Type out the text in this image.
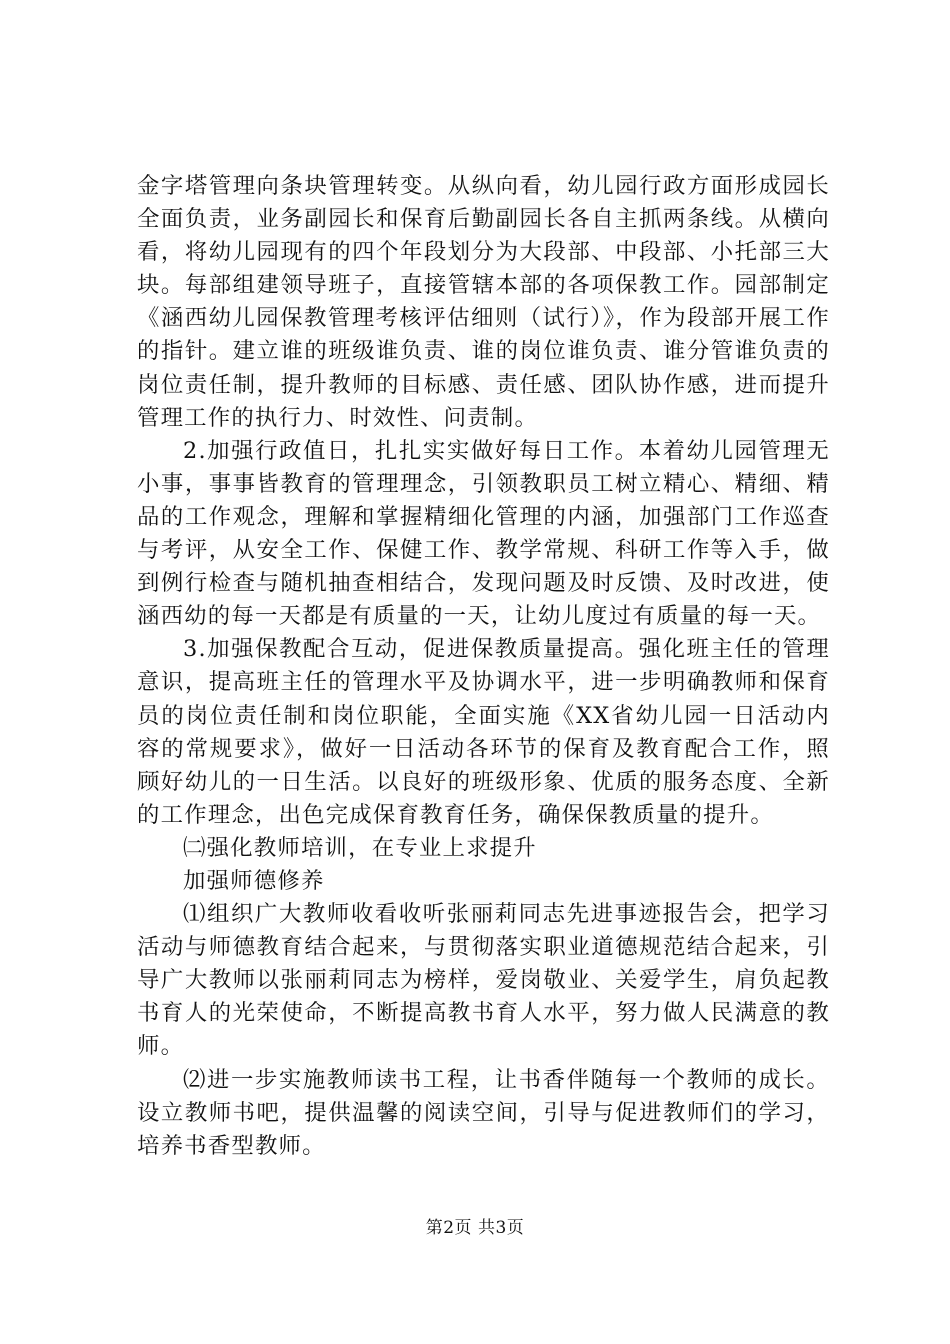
金字塔管理向条块管理转变。从纵向看，幼儿园行政方面形成园长全面负责，业务副园长和保育后勤副园长各自主抓两条线。从横向看，将幼儿园现有的四个年段划分为大段部、中段部、小托部三大块。每部组建领导班子，直接管辖本部的各项保教工作。园部制定《涵西幼儿园保教管理考核评估细则（试行）》，作为段部开展工作的指针。建立谁的班级谁负责、谁的岗位谁负责、谁分管谁负责的岗位责任制，提升教师的目标感、责任感、团队协作感，进而提升管理工作的执行力、时效性、问责制。

2.加强行政值日，扎扎实实做好每日工作。本着幼儿园管理无小事，事事皆教育的管理理念，引领教职员工树立精心、精细、精品的工作观念，理解和掌握精细化管理的内涵，加强部门工作巡查与考评，从安全工作、保健工作、教学常规、科研工作等入手，做到例行检查与随机抽查相结合，发现问题及时反馈、及时改进，使涵西幼的每一天都是有质量的一天，让幼儿度过有质量的每一天。

3.加强保教配合互动，促进保教质量提高。强化班主任的管理意识，提高班主任的管理水平及协调水平，进一步明确教师和保育员的岗位责任制和岗位职能，全面实施《XX省幼儿园一日活动内容的常规要求》，做好一日活动各环节的保育及教育配合工作，照顾好幼儿的一日生活。以良好的班级形象、优质的服务态度、全新的工作理念，出色完成保育教育任务，确保保教质量的提升。

㈡强化教师培训，在专业上求提升

加强师德修养

⑴组织广大教师收看收听张丽莉同志先进事迹报告会，把学习活动与师德教育结合起来，与贯彻落实职业道德规范结合起来，引导广大教师以张丽莉同志为榜样，爱岗敬业、关爱学生，肩负起教书育人的光荣使命，不断提高教书育人水平，努力做人民满意的教师。

⑵进一步实施教师读书工程，让书香伴随每一个教师的成长。设立教师书吧，提供温馨的阅读空间，引导与促进教师们的学习，培养书香型教师。

第2页 共3页
